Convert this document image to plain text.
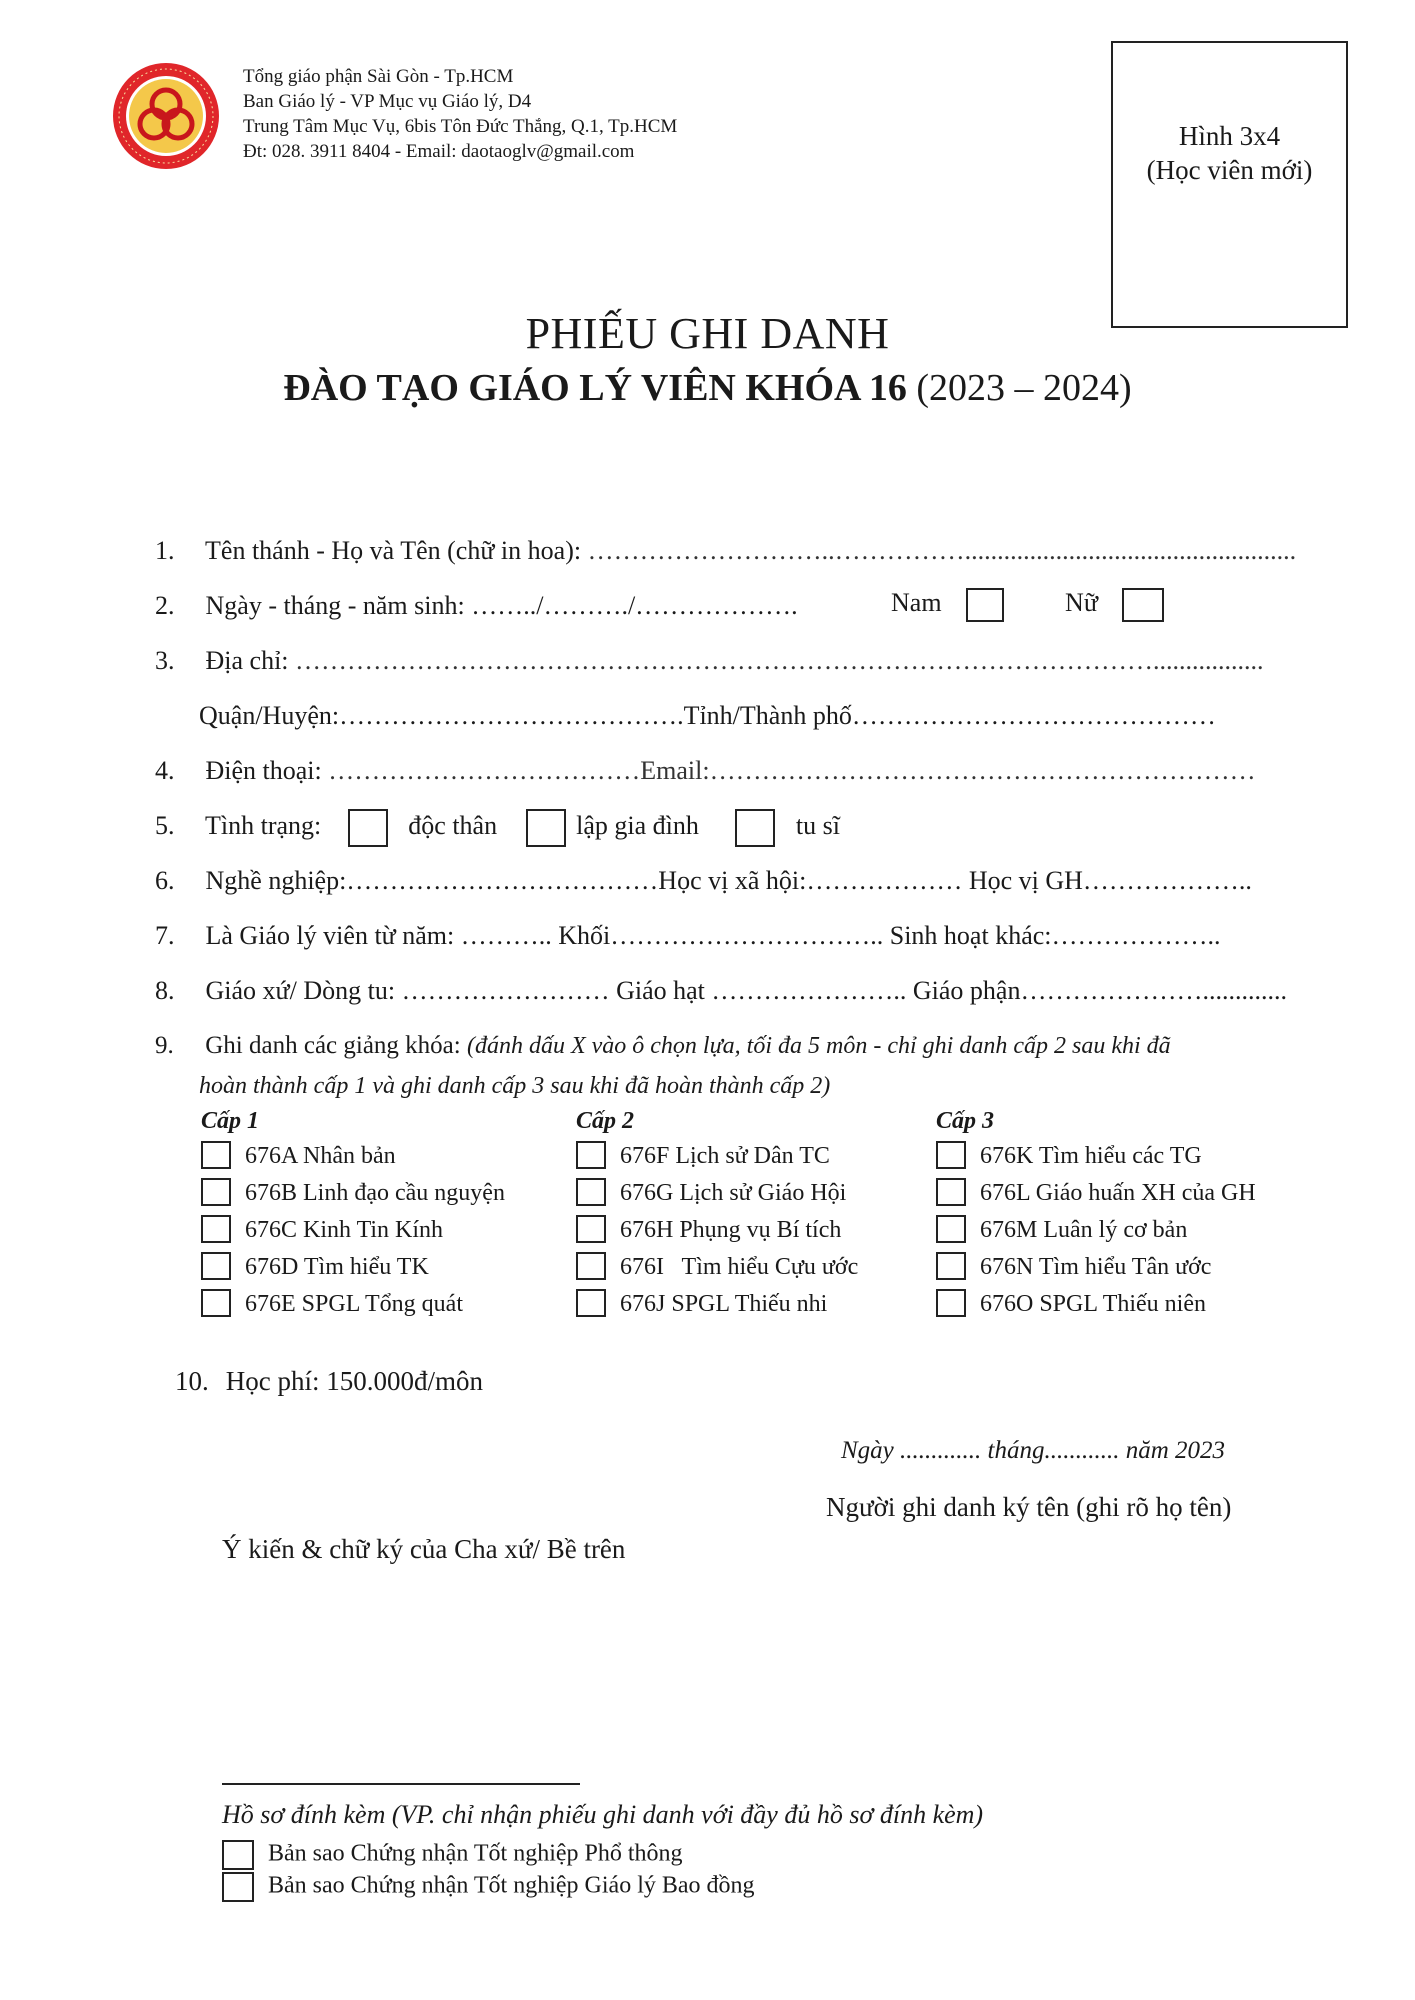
Tổng giáo phận Sài Gòn - Tp.HCM
Ban Giáo lý - VP Mục vụ Giáo lý, D4
Trung Tâm Mục Vụ, 6bis Tôn Đức Thắng, Q.1, Tp.HCM
Đt: 028. 3911 8404 - Email: daotaoglv@gmail.com
Hình 3x4
(Học viên mới)
PHIẾU GHI DANH
ĐÀO TẠO GIÁO LÝ VIÊN KHÓA 16 (2023 – 2024)
1. Tên thánh - Họ và Tên (chữ in hoa): ………………………..……………...................................................
2. Ngày - tháng - năm sinh: ……../………./……………….	Nam	Nữ
3. Địa chỉ: ……………………………………………………………………………………….................
Quận/Huyện:………………………………….Tỉnh/Thành phố……………………………………
4. Điện thoại: ………………………………Email:………………………………………………………
5. Tình trạng:	độc thân	lập gia đình	tu sĩ
6. Nghề nghiệp:………………………………Học vị xã hội:……………… Học vị GH………………..
7. Là Giáo lý viên từ năm: ……….. Khối………………………….. Sinh hoạt khác:………………..
8. Giáo xứ/ Dòng tu: …………………… Giáo hạt ………………….. Giáo phận………………….............
9. Ghi danh các giảng khóa: (đánh dấu X vào ô chọn lựa, tối đa 5 môn - chỉ ghi danh cấp 2 sau khi đã
hoàn thành cấp 1 và ghi danh cấp 3 sau khi đã hoàn thành cấp 2)
Cấp 1
676A Nhân bản
676B Linh đạo cầu nguyện
676C Kinh Tin Kính
676D Tìm hiểu TK
676E SPGL Tổng quát
Cấp 2
676F Lịch sử Dân TC
676G Lịch sử Giáo Hội
676H Phụng vụ Bí tích
676I   Tìm hiểu Cựu ước
676J SPGL Thiếu nhi
Cấp 3
676K Tìm hiểu các TG
676L Giáo huấn XH của GH
676M Luân lý cơ bản
676N Tìm hiểu Tân ước
676O SPGL Thiếu niên
10. Học phí: 150.000đ/môn
Ngày ............. tháng............ năm 2023
Người ghi danh ký tên (ghi rõ họ tên)
Ý kiến & chữ ký của Cha xứ/ Bề trên
Hồ sơ đính kèm (VP. chỉ nhận phiếu ghi danh với đầy đủ hồ sơ đính kèm)
Bản sao Chứng nhận Tốt nghiệp Phổ thông
Bản sao Chứng nhận Tốt nghiệp Giáo lý Bao đồng
